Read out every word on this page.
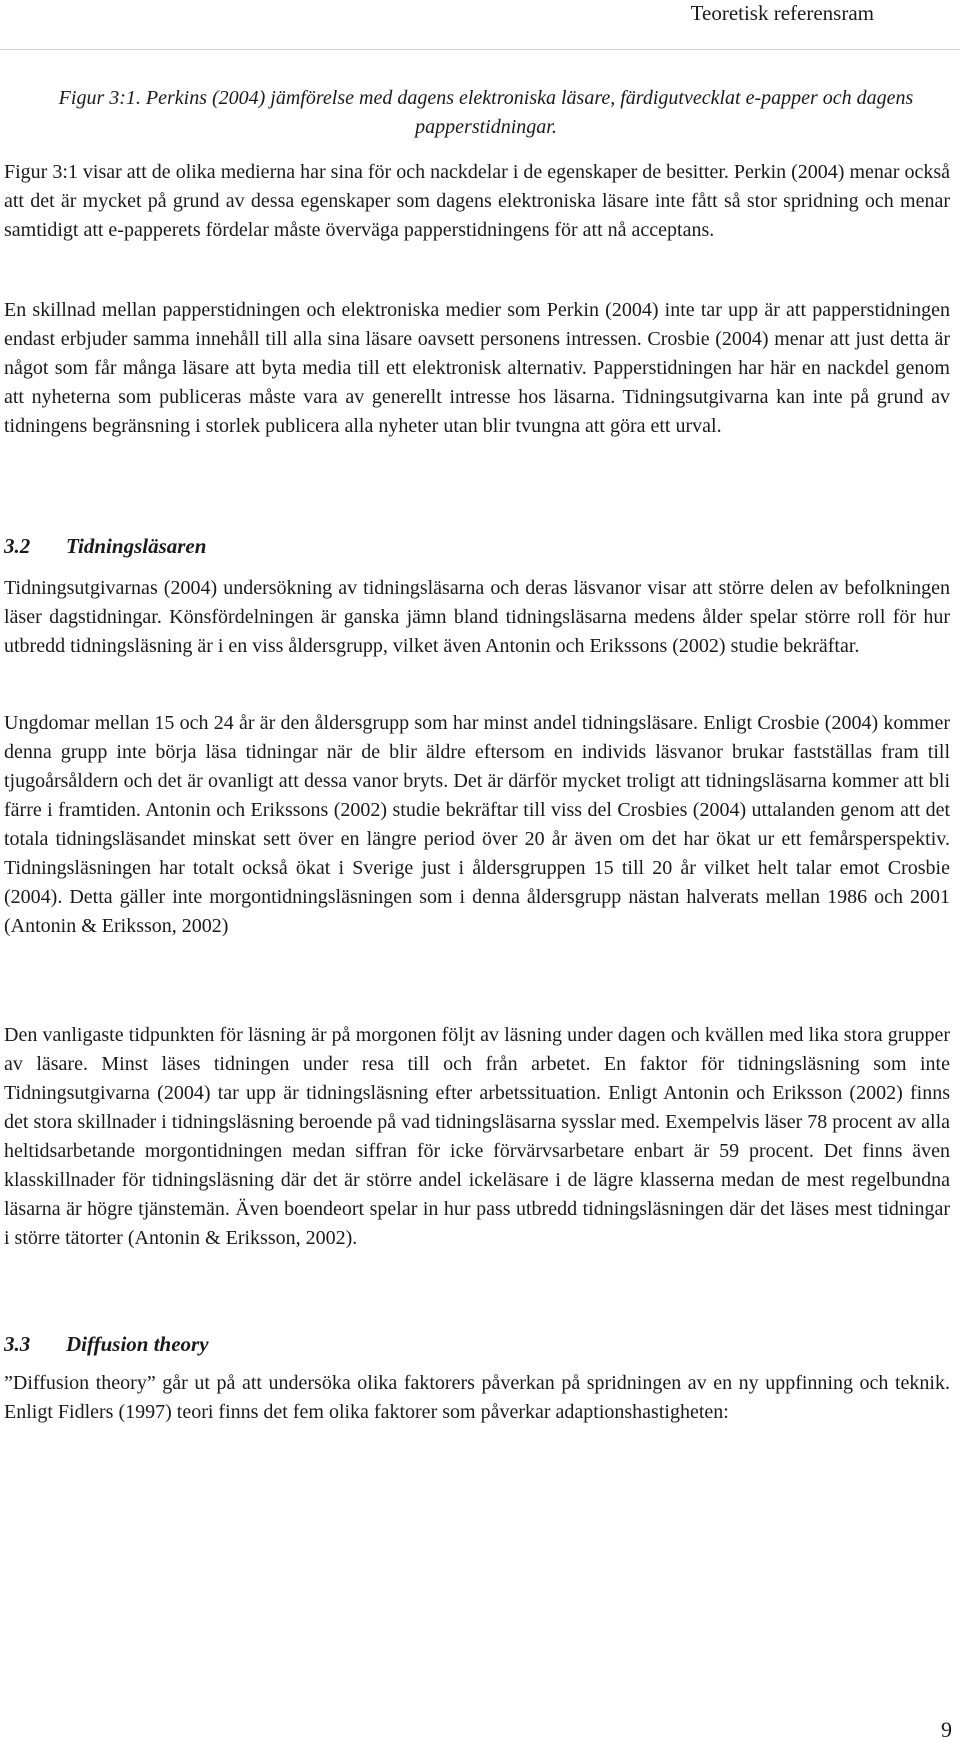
Teoretisk referensram
Figur 3:1. Perkins (2004) jämförelse med dagens elektroniska läsare, färdigutvecklat e-papper och dagens papperstidningar.

Figur 3:1 visar att de olika medierna har sina för och nackdelar i de egenskaper de besitter. Perkin (2004) menar också att det är mycket på grund av dessa egenskaper som dagens elektroniska läsare inte fått så stor spridning och menar samtidigt att e-papperets fördelar måste överväga papperstidningens för att nå acceptans.

En skillnad mellan papperstidningen och elektroniska medier som Perkin (2004) inte tar upp är att papperstidningen endast erbjuder samma innehåll till alla sina läsare oavsett personens intressen. Crosbie (2004) menar att just detta är något som får många läsare att byta media till ett elektronisk alternativ. Papperstidningen har här en nackdel genom att nyheterna som publiceras måste vara av generellt intresse hos läsarna. Tidningsutgivarna kan inte på grund av tidningens begränsning i storlek publicera alla nyheter utan blir tvungna att göra ett urval.

3.2 Tidningsläsaren

Tidningsutgivarnas (2004) undersökning av tidningsläsarna och deras läsvanor visar att större delen av befolkningen läser dagstidningar. Könsfördelningen är ganska jämn bland tidningsläsarna medens ålder spelar större roll för hur utbredd tidningsläsning är i en viss åldersgrupp, vilket även Antonin och Erikssons (2002) studie bekräftar.

Ungdomar mellan 15 och 24 år är den åldersgrupp som har minst andel tidningsläsare. Enligt Crosbie (2004) kommer denna grupp inte börja läsa tidningar när de blir äldre eftersom en individs läsvanor brukar fastställas fram till tjugoårsåldern och det är ovanligt att dessa vanor bryts. Det är därför mycket troligt att tidningsläsarna kommer att bli färre i framtiden. Antonin och Erikssons (2002) studie bekräftar till viss del Crosbies (2004) uttalanden genom att det totala tidningsläsandet minskat sett över en längre period över 20 år även om det har ökat ur ett femårsperspektiv. Tidningsläsningen har totalt också ökat i Sverige just i åldersgruppen 15 till 20 år vilket helt talar emot Crosbie (2004). Detta gäller inte morgontidningsläsningen som i denna åldersgrupp nästan halverats mellan 1986 och 2001 (Antonin & Eriksson, 2002)

Den vanligaste tidpunkten för läsning är på morgonen följt av läsning under dagen och kvällen med lika stora grupper av läsare. Minst läses tidningen under resa till och från arbetet. En faktor för tidningsläsning som inte Tidningsutgivarna (2004) tar upp är tidningsläsning efter arbetssituation. Enligt Antonin och Eriksson (2002) finns det stora skillnader i tidningsläsning beroende på vad tidningsläsarna sysslar med. Exempelvis läser 78 procent av alla heltidsarbetande morgontidningen medan siffran för icke förvärvsarbetare enbart är 59 procent. Det finns även klasskillnader för tidningsläsning där det är större andel ickeläsare i de lägre klasserna medan de mest regelbundna läsarna är högre tjänstemän. Även boendeort spelar in hur pass utbredd tidningsläsningen där det läses mest tidningar i större tätorter (Antonin & Eriksson, 2002).

3.3 Diffusion theory

”Diffusion theory” går ut på att undersöka olika faktorers påverkan på spridningen av en ny uppfinning och teknik. Enligt Fidlers (1997) teori finns det fem olika faktorer som påverkar adaptionshastigheten:

9
